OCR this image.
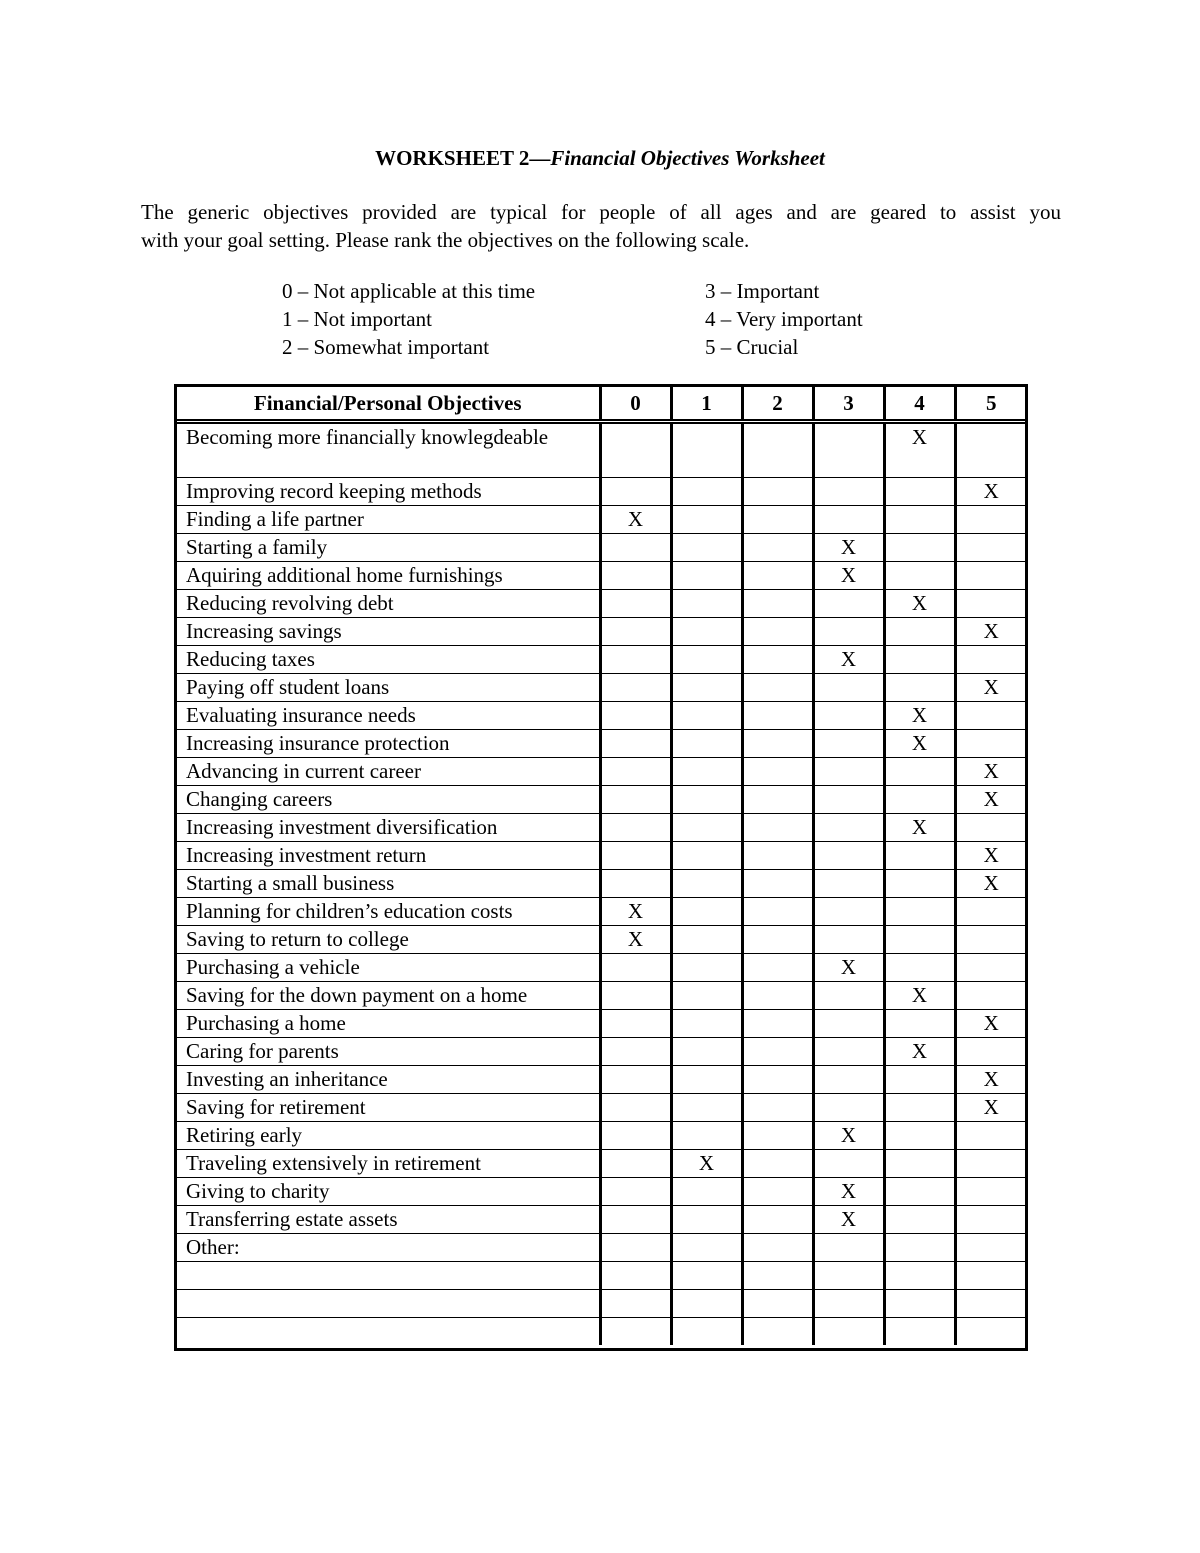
WORKSHEET 2—Financial Objectives Worksheet

The generic objectives provided are typical for people of all ages and are geared to assist you

with your goal setting. Please rank the objectives on the following scale.

0 – Not applicable at this time
1 – Not important
2 – Somewhat important
3 – Important
4 – Very important
5 – Crucial
Financial/Personal Objectives	0	1	2	3	4	5
Becoming more financially knowlegdeable					X	
Improving record keeping methods						X
Finding a life partner	X					
Starting a family				X		
Aquiring additional home furnishings				X		
Reducing revolving debt					X	
Increasing savings						X
Reducing taxes				X		
Paying off student loans						X
Evaluating insurance needs					X	
Increasing insurance protection					X	
Advancing in current career						X
Changing careers						X
Increasing investment diversification					X	
Increasing investment return						X
Starting a small business						X
Planning for children’s education costs	X					
Saving to return to college	X					
Purchasing a vehicle				X		
Saving for the down payment on a home					X	
Purchasing a home						X
Caring for parents					X	
Investing an inheritance						X
Saving for retirement						X
Retiring early				X		
Traveling extensively in retirement		X				
Giving to charity				X		
Transferring estate assets				X		
Other:						
